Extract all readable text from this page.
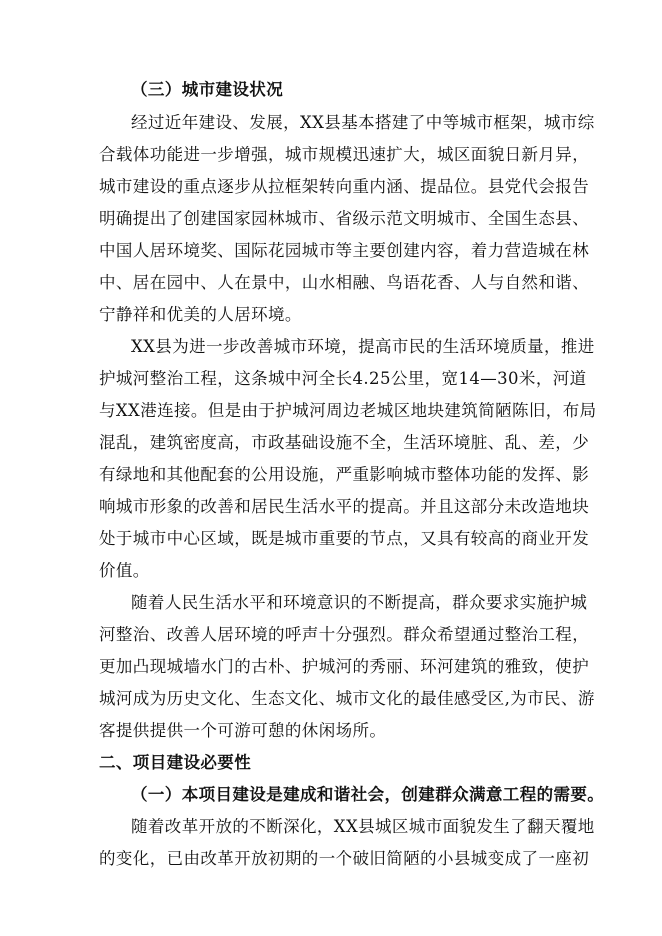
（三）城市建设状况
经过近年建设、发展，XX县基本搭建了中等城市框架，城市综
合载体功能进一步增强，城市规模迅速扩大，城区面貌日新月异，
城市建设的重点逐步从拉框架转向重内涵、提品位。县党代会报告
明确提出了创建国家园林城市、省级示范文明城市、全国生态县、
中国人居环境奖、国际花园城市等主要创建内容，着力营造城在林
中、居在园中、人在景中，山水相融、鸟语花香、人与自然和谐、
宁静祥和优美的人居环境。
XX县为进一步改善城市环境，提高市民的生活环境质量，推进
护城河整治工程，这条城中河全长4.25公里，宽14—30米，河道
与XX港连接。但是由于护城河周边老城区地块建筑简陋陈旧，布局
混乱，建筑密度高，市政基础设施不全，生活环境脏、乱、差，少
有绿地和其他配套的公用设施，严重影响城市整体功能的发挥、影
响城市形象的改善和居民生活水平的提高。并且这部分未改造地块
处于城市中心区域，既是城市重要的节点，又具有较高的商业开发
价值。
随着人民生活水平和环境意识的不断提高，群众要求实施护城
河整治、改善人居环境的呼声十分强烈。群众希望通过整治工程，
更加凸现城墙水门的古朴、护城河的秀丽、环河建筑的雅致，使护
城河成为历史文化、生态文化、城市文化的最佳感受区,为市民、游
客提供提供一个可游可憩的休闲场所。
二、项目建设必要性
（一）本项目建设是建成和谐社会，创建群众满意工程的需要。
随着改革开放的不断深化，XX县城区城市面貌发生了翻天覆地
的变化，已由改革开放初期的一个破旧简陋的小县城变成了一座初
